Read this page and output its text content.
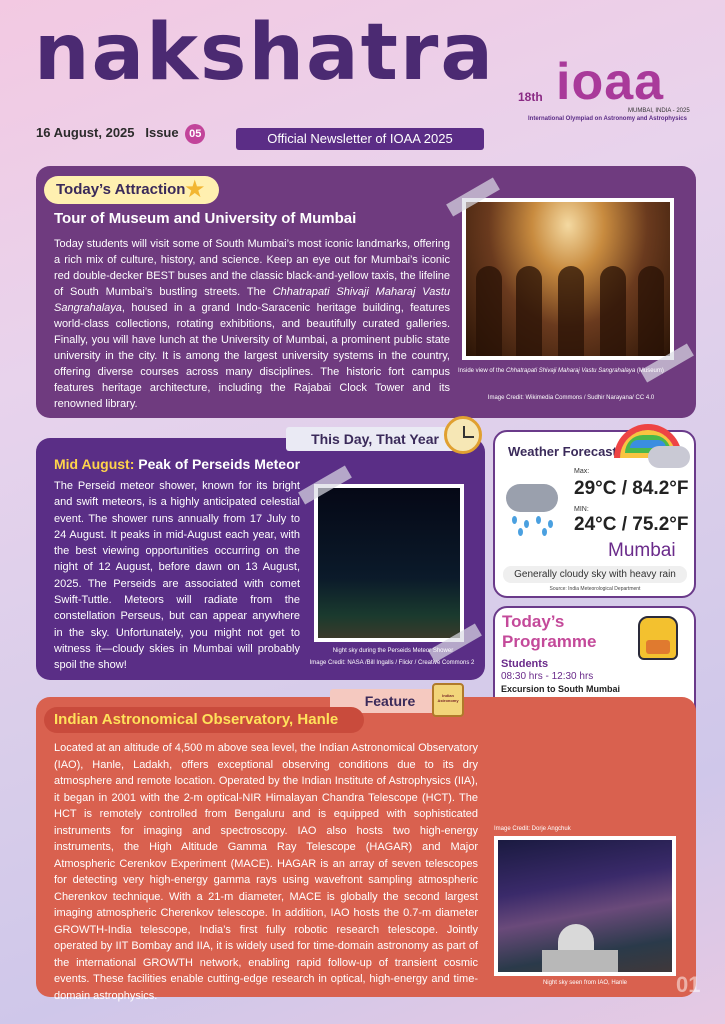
nakshatra
16 August, 2025 Issue 05	Official Newsletter of IOAA 2025
18th ioaa
MUMBAI, INDIA - 2025
International Olympiad on Astronomy and Astrophysics
Today’s Attraction
★
Tour of Museum and University of Mumbai
Today students will visit some of South Mumbai’s most iconic landmarks, offering a rich mix of culture, history, and science. Keep an eye out for Mumbai’s iconic red double-decker BEST buses and the classic black-and-yellow taxis, the lifeline of South Mumbai’s bustling streets. The Chhatrapati Shivaji Maharaj Vastu Sangrahalaya, housed in a grand Indo-Saracenic heritage building, features world-class collections, rotating exhibitions, and beautifully curated galleries. Finally, you will have lunch at the University of Mumbai, a prominent public state university in the city. It is among the largest university systems in the country, offering diverse courses across many disciplines. The historic fort campus features heritage architecture, including the Rajabai Clock Tower and its renowned library.
Inside view of the Chhatrapati Shivaji Maharaj Vastu Sangrahalaya (Museum)
Image Credit: Wikimedia Commons / Sudhir Narayana/ CC 4.0
This Day, That Year
Mid August: Peak of Perseids Meteor
The Perseid meteor shower, known for its bright and swift meteors, is a highly anticipated celestial event. The shower runs annually from 17 July to 24 August. It peaks in mid-August each year, with the best viewing opportunities occurring on the night of 12 August, before dawn on 13 August, 2025. The Perseids are associated with comet Swift-Tuttle. Meteors will radiate from the constellation Perseus, but can appear anywhere in the sky. Unfortunately, you might not get to witness it—cloudy skies in Mumbai will probably spoil the show!
Night sky during the Perseids Meteor Shower
Image Credit: NASA /Bill Ingalls / Flickr / Creative Commons 2
Weather Forecast
Max:
29°C / 84.2°F
MIN:
24°C / 75.2°F
Mumbai
Generally cloudy sky with heavy rain
Source: India Meteorological Department
Today’s
Programme
Students
08:30 hrs - 12:30 hrs
Excursion to South Mumbai
Feature	Indian Astronomy
Indian Astronomical Observatory, Hanle
Located at an altitude of 4,500 m above sea level, the Indian Astronomical Observatory (IAO), Hanle, Ladakh, offers exceptional observing conditions due to its dry atmosphere and remote location. Operated by the Indian Institute of Astrophysics (IIA), it began in 2001 with the 2-m optical-NIR Himalayan Chandra Telescope (HCT). The HCT is remotely controlled from Bengaluru and is equipped with sophisticated instruments for imaging and spectroscopy. IAO also hosts two high-energy instruments, the High Altitude Gamma Ray Telescope (HAGAR) and Major Atmospheric Cerenkov Experiment (MACE). HAGAR is an array of seven telescopes for detecting very high-energy gamma rays using wavefront sampling atmospheric Cherenkov technique. With a 21-m diameter, MACE is globally the second largest imaging atmospheric Cherenkov telescope. In addition, IAO hosts the 0.7-m diameter GROWTH-India telescope, India’s first fully robotic research telescope. Jointly operated by IIT Bombay and IIA, it is widely used for time-domain astronomy as part of the international GROWTH network, enabling rapid follow-up of transient cosmic events. These facilities enable cutting-edge research in optical, high-energy and time-domain astrophysics.
Image Credit: Dorje Angchuk
Night sky seen from IAO, Hanle	01
